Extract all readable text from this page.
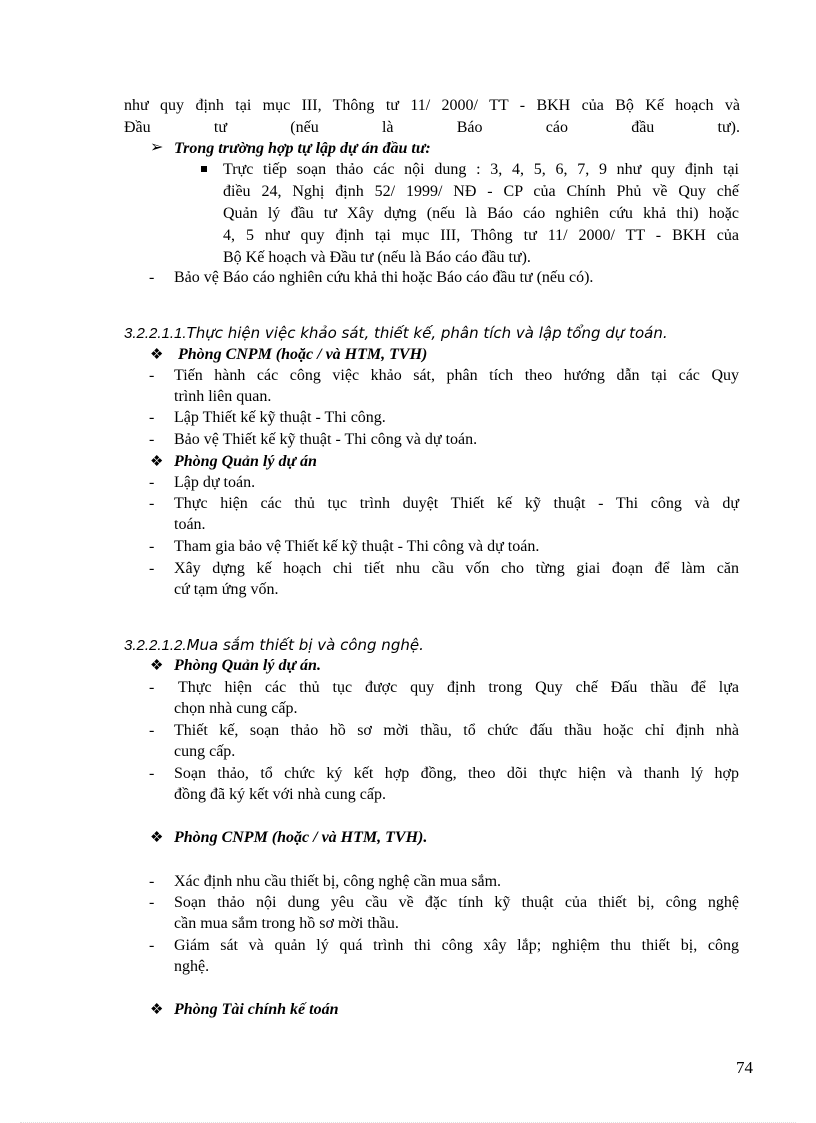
như quy định tại mục III, Thông tư 11/ 2000/ TT - BKH của Bộ Kế hoạch và
Đầu tư (nếu là Báo cáo đầu tư).
➢ Trong trường hợp tự lập dự án đầu tư:
Trực tiếp soạn thảo các nội dung : 3, 4, 5, 6, 7, 9 như quy định tại
điều 24, Nghị định 52/ 1999/ NĐ - CP của Chính Phủ về Quy chế
Quản lý đầu tư Xây dựng (nếu là Báo cáo nghiên cứu khả thi) hoặc
4, 5 như quy định tại mục III, Thông tư 11/ 2000/ TT - BKH của
Bộ Kế hoạch và Đầu tư (nếu là Báo cáo đầu tư).
- Bảo vệ Báo cáo nghiên cứu khả thi hoặc Báo cáo đầu tư (nếu có).
3.2.2.1.1.Thực hiện việc khảo sát, thiết kế, phân tích và lập tổng dự toán.
❖ Phòng CNPM (hoặc / và HTM, TVH)
- Tiến hành các công việc khảo sát, phân tích theo hướng dẫn tại các Quy
trình liên quan.
- Lập Thiết kế kỹ thuật - Thi công.
- Bảo vệ Thiết kế kỹ thuật - Thi công và dự toán.
❖ Phòng Quản lý dự án
- Lập dự toán.
- Thực hiện các thủ tục trình duyệt Thiết kế kỹ thuật - Thi công và dự
toán.
- Tham gia bảo vệ Thiết kế kỹ thuật - Thi công và dự toán.
- Xây dựng kế hoạch chi tiết nhu cầu vốn cho từng giai đoạn để làm căn
cứ tạm ứng vốn.
3.2.2.1.2.Mua sắm thiết bị và công nghệ.
❖ Phòng Quản lý dự án.
- Thực hiện các thủ tục được quy định trong Quy chế Đấu thầu để lựa
chọn nhà cung cấp.
- Thiết kế, soạn thảo hồ sơ mời thầu, tổ chức đấu thầu hoặc chỉ định nhà
cung cấp.
- Soạn thảo, tổ chức ký kết hợp đồng, theo dõi thực hiện và thanh lý hợp
đồng đã ký kết với nhà cung cấp.
❖ Phòng CNPM (hoặc / và HTM, TVH).
- Xác định nhu cầu thiết bị, công nghệ cần mua sắm.
- Soạn thảo nội dung yêu cầu về đặc tính kỹ thuật của thiết bị, công nghệ
cần mua sắm trong hồ sơ mời thầu.
- Giám sát và quản lý quá trình thi công xây lắp; nghiệm thu thiết bị, công
nghệ.
❖ Phòng Tài chính kế toán
74
